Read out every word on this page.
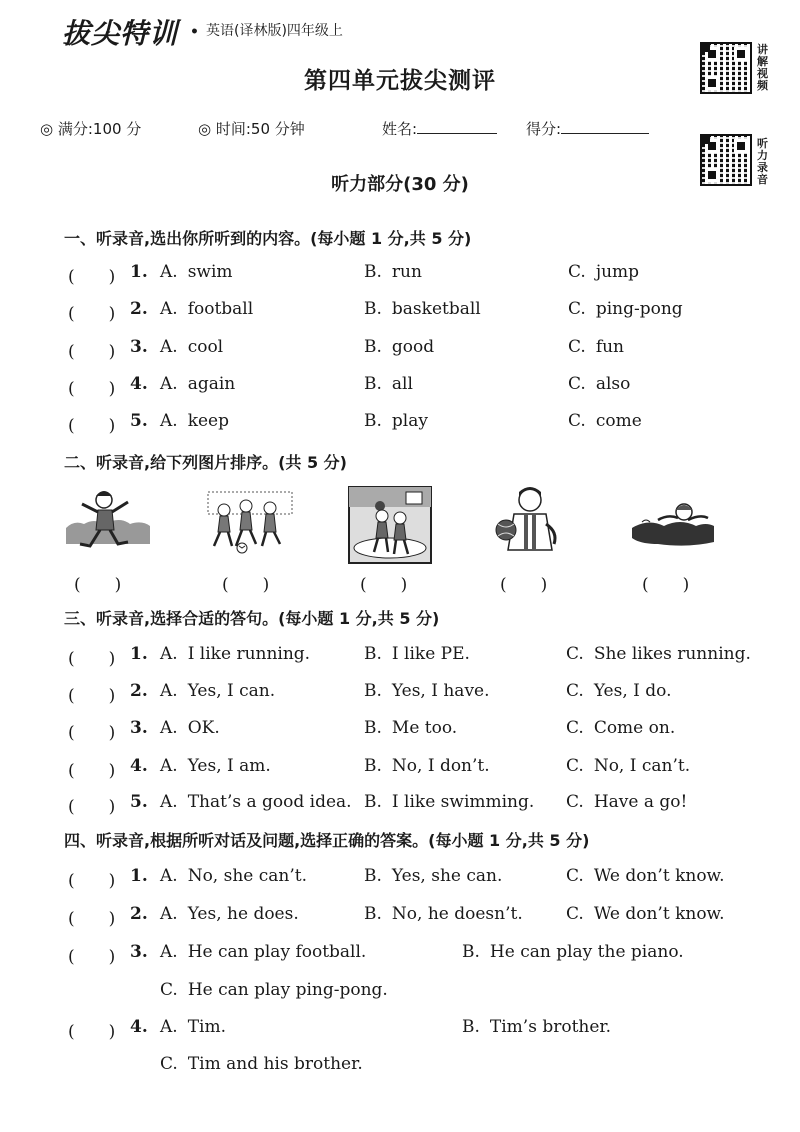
拔尖特训 • 英语(译林版)四年级上
讲解视频
听力录音
第四单元拔尖测评
◎ 满分:100 分	◎ 时间:50 分钟	姓名:	得分:
听力部分(30 分)
一、听录音,选出你所听到的内容。(每小题 1 分,共 5 分)
(　　) 1. A. swim	B. run	C. jump
(　　) 2. A. football	B. basketball	C. ping-pong
(　　) 3. A. cool	B. good	C. fun
(　　) 4. A. again	B. all	C. also
(　　) 5. A. keep	B. play	C. come
二、听录音,给下列图片排序。(共 5 分)
(　　)	(　　)	(　　)	(　　)	(　　)
三、听录音,选择合适的答句。(每小题 1 分,共 5 分)
(　　) 1. A. I like running.	B. I like PE.	C. She likes running.
(　　) 2. A. Yes, I can.	B. Yes, I have.	C. Yes, I do.
(　　) 3. A. OK.	B. Me too.	C. Come on.
(　　) 4. A. Yes, I am.	B. No, I don’t.	C. No, I can’t.
(　　) 5. A. That’s a good idea. B. I like swimming. C. Have a go!
四、听录音,根据所听对话及问题,选择正确的答案。(每小题 1 分,共 5 分)
(　　) 1. A. No, she can’t.	B. Yes, she can.	C. We don’t know.
(　　) 2. A. Yes, he does.	B. No, he doesn’t.	C. We don’t know.
(　　) 3. A. He can play football.	B. He can play the piano.
C. He can play ping-pong.
(　　) 4. A. Tim.	B. Tim’s brother.
C. Tim and his brother.
